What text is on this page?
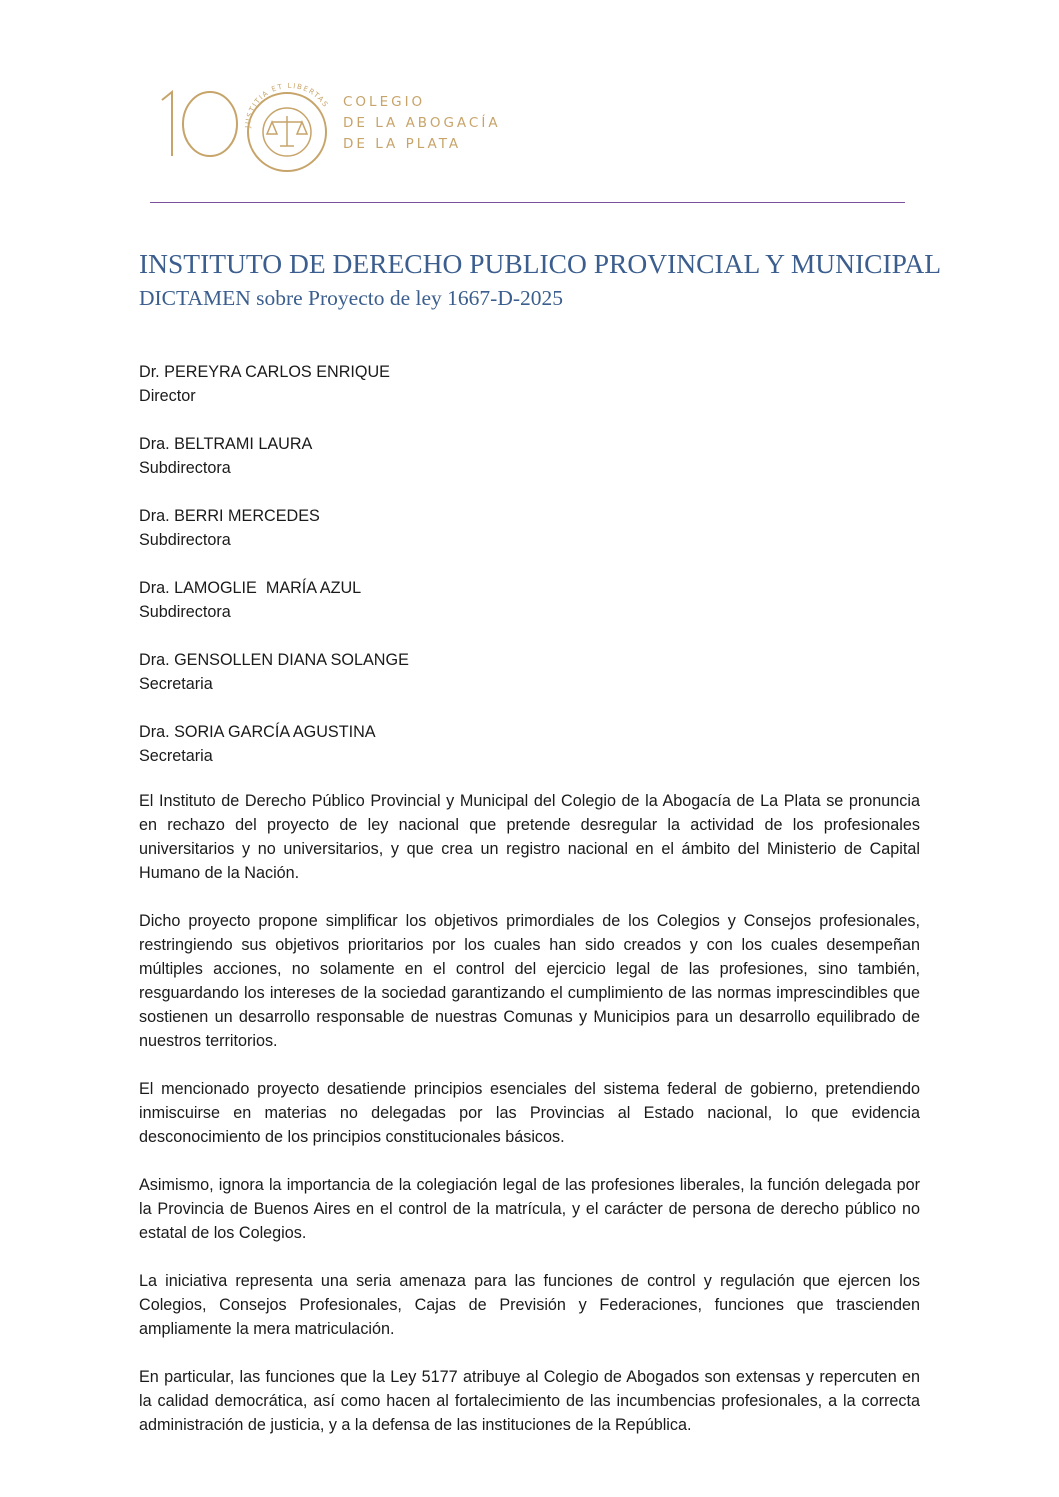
JUSTITIA ET LIBERTAS COLEGIO
DE LA ABOGACÍA
DE LA PLATA
INSTITUTO DE DERECHO PUBLICO PROVINCIAL Y MUNICIPAL
DICTAMEN sobre Proyecto de ley 1667-D-2025
Dr. PEREYRA CARLOS ENRIQUE
Director
Dra. BELTRAMI LAURA
Subdirectora
Dra. BERRI MERCEDES
Subdirectora
Dra. LAMOGLIE  MARÍA AZUL
Subdirectora
Dra. GENSOLLEN DIANA SOLANGE
Secretaria
Dra. SORIA GARCÍA AGUSTINA
Secretaria

El Instituto de Derecho Público Provincial y Municipal del Colegio de la Abogacía de La Plata se pronuncia en rechazo del proyecto de ley nacional que pretende desregular la actividad de los profesionales universitarios y no universitarios, y que crea un registro nacional en el ámbito del Ministerio de Capital Humano de la Nación.

Dicho proyecto propone simplificar los objetivos primordiales de los Colegios y Consejos profesionales, restringiendo sus objetivos prioritarios por los cuales han sido creados y con los cuales desempeñan múltiples acciones, no solamente en el control del ejercicio legal de las profesiones, sino también, resguardando los intereses de la sociedad garantizando el cumplimiento de las normas imprescindibles que sostienen un desarrollo responsable de nuestras Comunas y Municipios para un desarrollo equilibrado de nuestros territorios.

El mencionado proyecto desatiende principios esenciales del sistema federal de gobierno, pretendiendo inmiscuirse en materias no delegadas por las Provincias al Estado nacional, lo que evidencia desconocimiento de los principios constitucionales básicos.

Asimismo, ignora la importancia de la colegiación legal de las profesiones liberales, la función delegada por la Provincia de Buenos Aires en el control de la matrícula, y el carácter de persona de derecho público no estatal de los Colegios.

La iniciativa representa una seria amenaza para las funciones de control y regulación que ejercen los Colegios, Consejos Profesionales, Cajas de Previsión y Federaciones, funciones que trascienden ampliamente la mera matriculación.

En particular, las funciones que la Ley 5177 atribuye al Colegio de Abogados son extensas y repercuten en la calidad democrática, así como hacen al fortalecimiento de las incumbencias profesionales, a la correcta administración de justicia, y a la defensa de las instituciones de la República.
